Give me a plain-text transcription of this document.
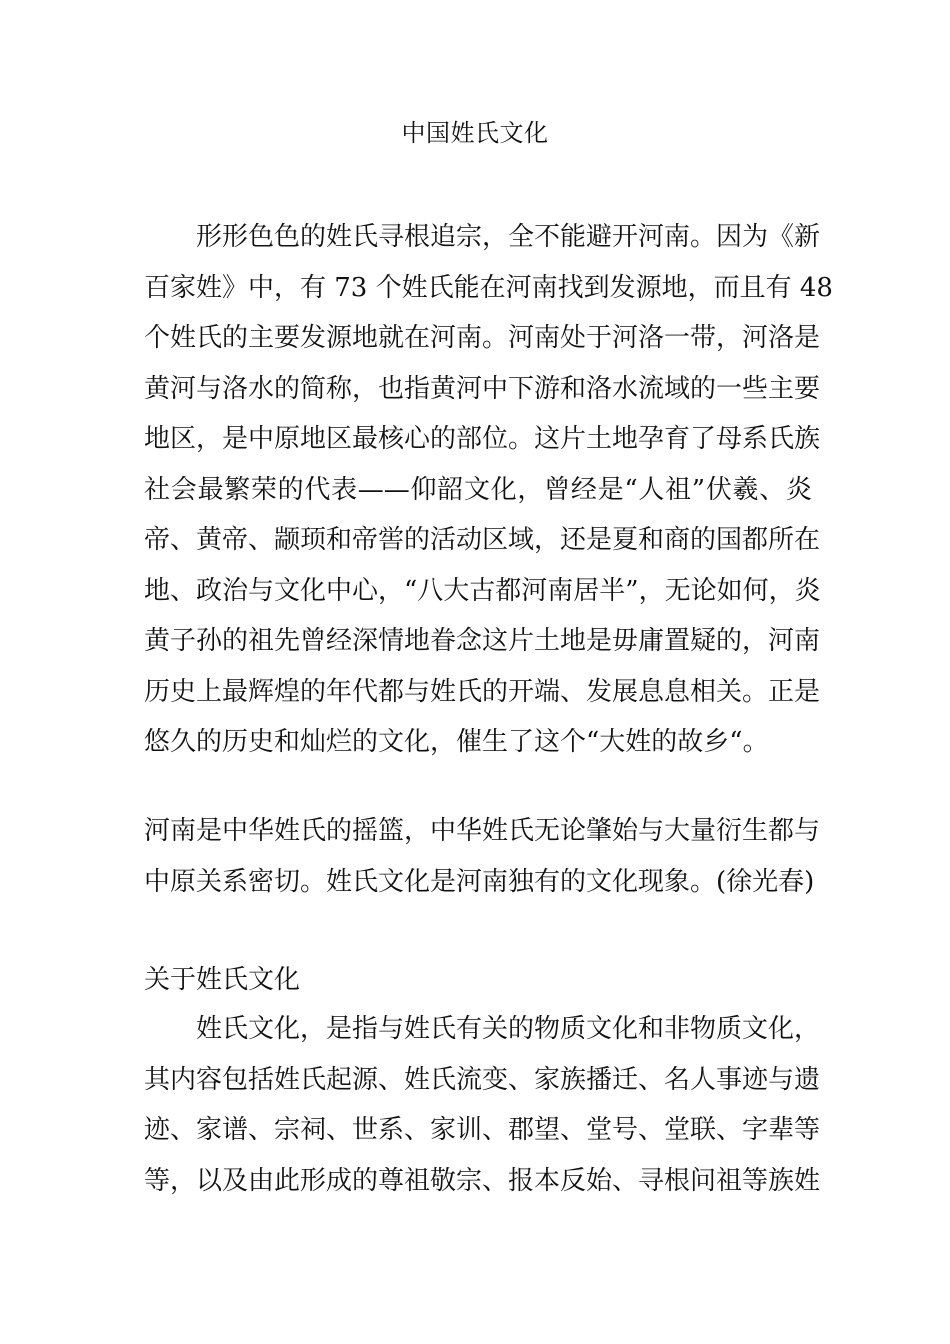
中国姓氏文化
形形色色的姓氏寻根追宗，全不能避开河南。因为《新
百家姓》中，有 73 个姓氏能在河南找到发源地，而且有 48
个姓氏的主要发源地就在河南。河南处于河洛一带，河洛是
黄河与洛水的简称，也指黄河中下游和洛水流域的一些主要
地区，是中原地区最核心的部位。这片土地孕育了母系氏族
社会最繁荣的代表——仰韶文化，曾经是“人祖”伏羲、炎
帝、黄帝、颛顼和帝喾的活动区域，还是夏和商的国都所在
地、政治与文化中心，“八大古都河南居半”，无论如何，炎
黄子孙的祖先曾经深情地眷念这片土地是毋庸置疑的，河南
历史上最辉煌的年代都与姓氏的开端、发展息息相关。正是
悠久的历史和灿烂的文化，催生了这个“大姓的故乡“。
河南是中华姓氏的摇篮，中华姓氏无论肇始与大量衍生都与
中原关系密切。姓氏文化是河南独有的文化现象。(徐光春)
关于姓氏文化
姓氏文化，是指与姓氏有关的物质文化和非物质文化，
其内容包括姓氏起源、姓氏流变、家族播迁、名人事迹与遗
迹、家谱、宗祠、世系、家训、郡望、堂号、堂联、字辈等
等，以及由此形成的尊祖敬宗、报本反始、寻根问祖等族姓
